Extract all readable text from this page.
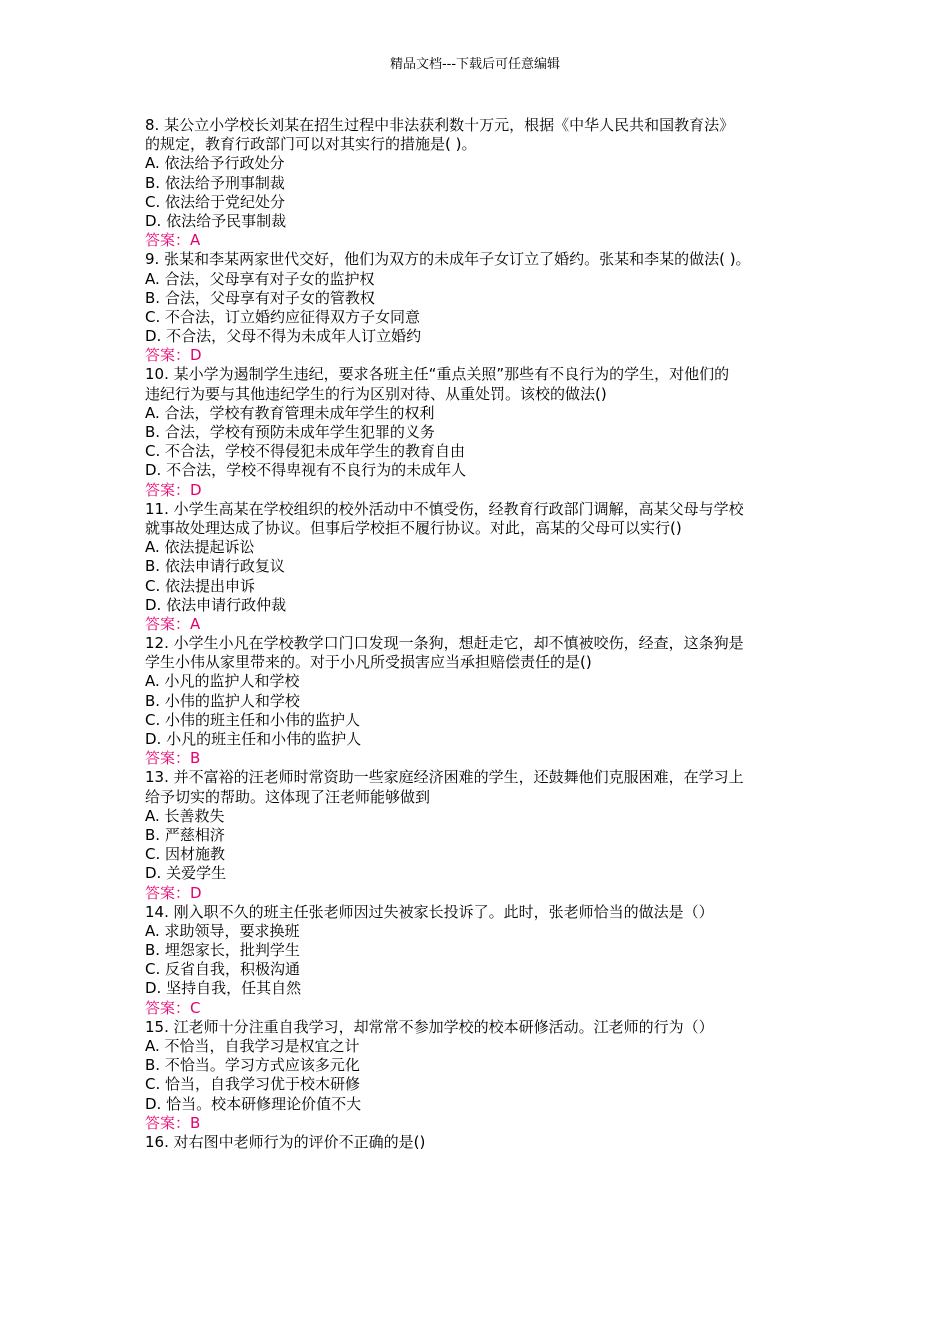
精品文档---下载后可任意编辑
8. 某公立小学校长刘某在招生过程中非法获利数十万元，根据《中华人民共和国教育法》
的规定，教育行政部门可以对其实行的措施是( )。
A. 依法给予行政处分
B. 依法给予刑事制裁
C. 依法给于党纪处分
D. 依法给予民事制裁
答案：A
9. 张某和李某两家世代交好，他们为双方的未成年子女订立了婚约。张某和李某的做法( )。
A. 合法，父母享有对子女的监护权
B. 合法，父母享有对子女的管教权
C. 不合法，订立婚约应征得双方子女同意
D. 不合法，父母不得为未成年人订立婚约
答案：D
10. 某小学为遏制学生违纪，要求各班主任“重点关照”那些有不良行为的学生，对他们的
违纪行为要与其他违纪学生的行为区别对待、从重处罚。该校的做法()
A. 合法，学校有教育管理未成年学生的权利
B. 合法，学校有预防未成年学生犯罪的义务
C. 不合法，学校不得侵犯未成年学生的教育自由
D. 不合法，学校不得卑视有不良行为的未成年人
答案：D
11. 小学生高某在学校组织的校外活动中不慎受伤，经教育行政部门调解，高某父母与学校
就事故处理达成了协议。但事后学校拒不履行协议。对此，高某的父母可以实行()
A. 依法提起诉讼
B. 依法申请行政复议
C. 依法提出申诉
D. 依法申请行政仲裁
答案：A
12. 小学生小凡在学校教学口门口发现一条狗，想赶走它，却不慎被咬伤，经查，这条狗是
学生小伟从家里带来的。对于小凡所受损害应当承担赔偿责任的是()
A. 小凡的监护人和学校
B. 小伟的监护人和学校
C. 小伟的班主任和小伟的监护人
D. 小凡的班主任和小伟的监护人
答案：B
13. 并不富裕的汪老师时常资助一些家庭经济困难的学生，还鼓舞他们克服困难，在学习上
给予切实的帮助。这体现了汪老师能够做到
A. 长善救失
B. 严慈相济
C. 因材施教
D. 关爱学生
答案：D
14. 刚入职不久的班主任张老师因过失被家长投诉了。此时，张老师恰当的做法是（）
A. 求助领导，要求换班
B. 埋怨家长，批判学生
C. 反省自我，积极沟通
D. 坚持自我，任其自然
答案：C
15. 江老师十分注重自我学习，却常常不参加学校的校本研修活动。江老师的行为（）
A. 不恰当，自我学习是权宜之计
B. 不恰当。学习方式应该多元化
C. 恰当，自我学习优于校木研修
D. 恰当。校本研修理论价值不大
答案：B
16. 对右图中老师行为的评价不正确的是()
